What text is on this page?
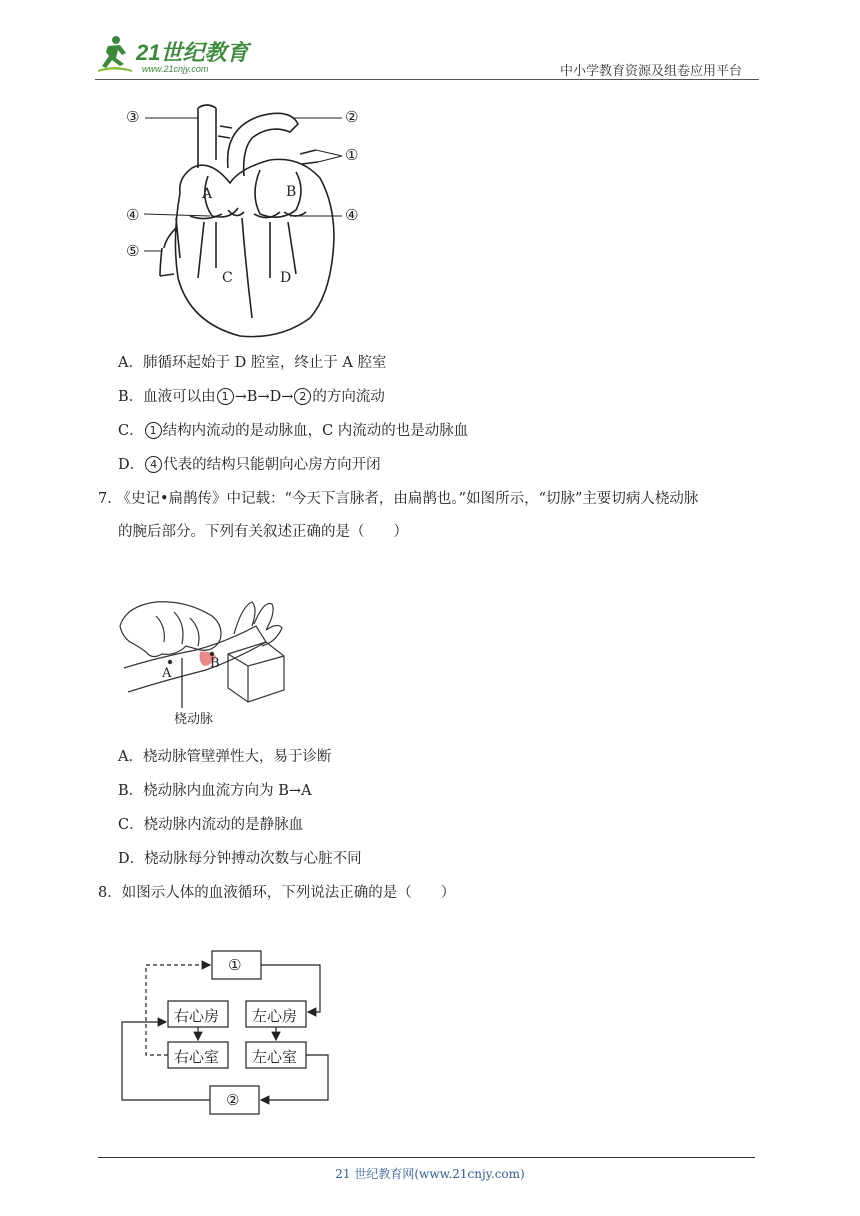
21世纪教育
www.21cnjy.com	中小学教育资源及组卷应用平台
③	②
①
④	④
⑤
A	B
C	D
A．肺循环起始于 D 腔室，终止于 A 腔室
B．血液可以由 1 →B→D→ 2 的方向流动
C． 1 结构内流动的是动脉血，C 内流动的也是动脉血
D． 4 代表的结构只能朝向心房方向开闭
7. 《史记•扁鹊传》中记载：“今天下言脉者，由扁鹊也。”如图所示，“切脉”主要切病人桡动脉
的腕后部分。下列有关叙述正确的是（　　）
A
B
桡动脉
A．桡动脉管壁弹性大，易于诊断
B．桡动脉内血流方向为 B→A
C．桡动脉内流动的是静脉血
D．桡动脉每分钟搏动次数与心脏不同
8．如图示人体的血液循环，下列说法正确的是（　　）
①
右心房 左心房
右心室 左心室
②
21 世纪教育网(www.21cnjy.com)
